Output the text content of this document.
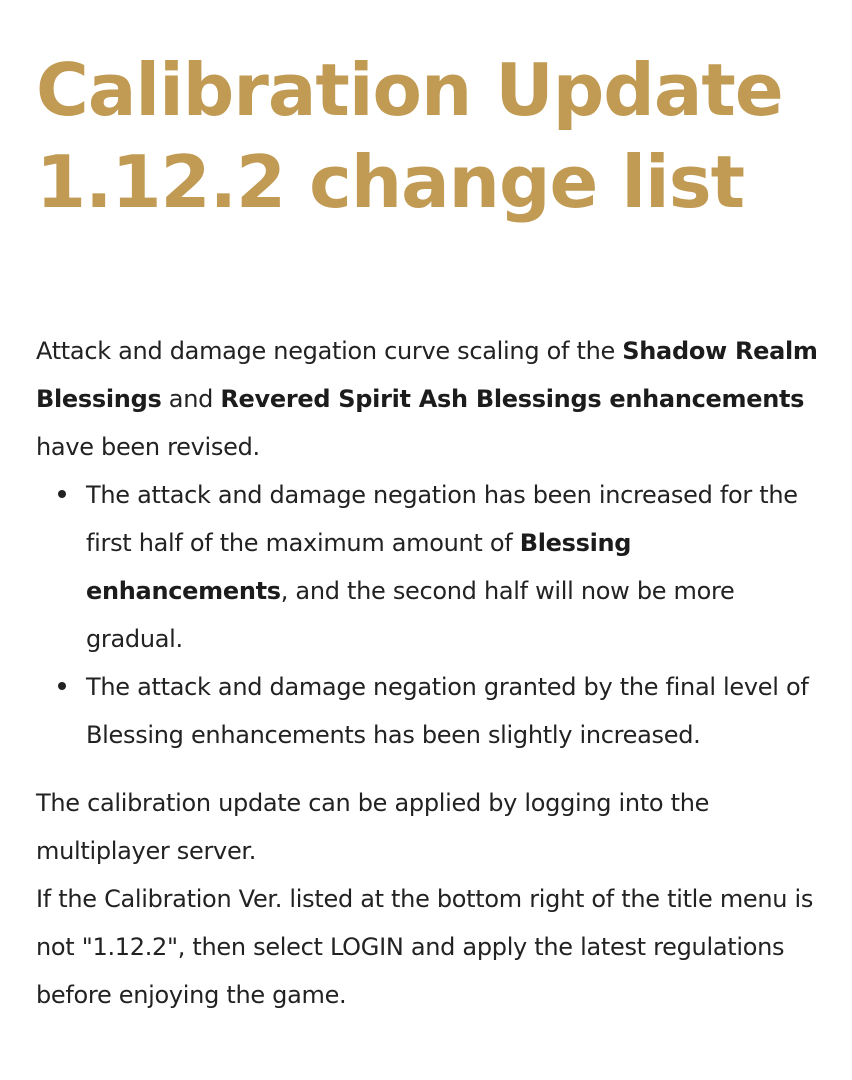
Calibration Update
1.12.2 change list

Attack and damage negation curve scaling of the Shadow Realm Blessings and Revered Spirit Ash Blessings enhancements have been revised.

The attack and damage negation has been increased for the first half of the maximum amount of Blessing enhancements, and the second half will now be more gradual.
The attack and damage negation granted by the final level of Blessing enhancements has been slightly increased.

The calibration update can be applied by logging into the multiplayer server.
If the Calibration Ver. listed at the bottom right of the title menu is not "1.12.2", then select LOGIN and apply the latest regulations before enjoying the game.
